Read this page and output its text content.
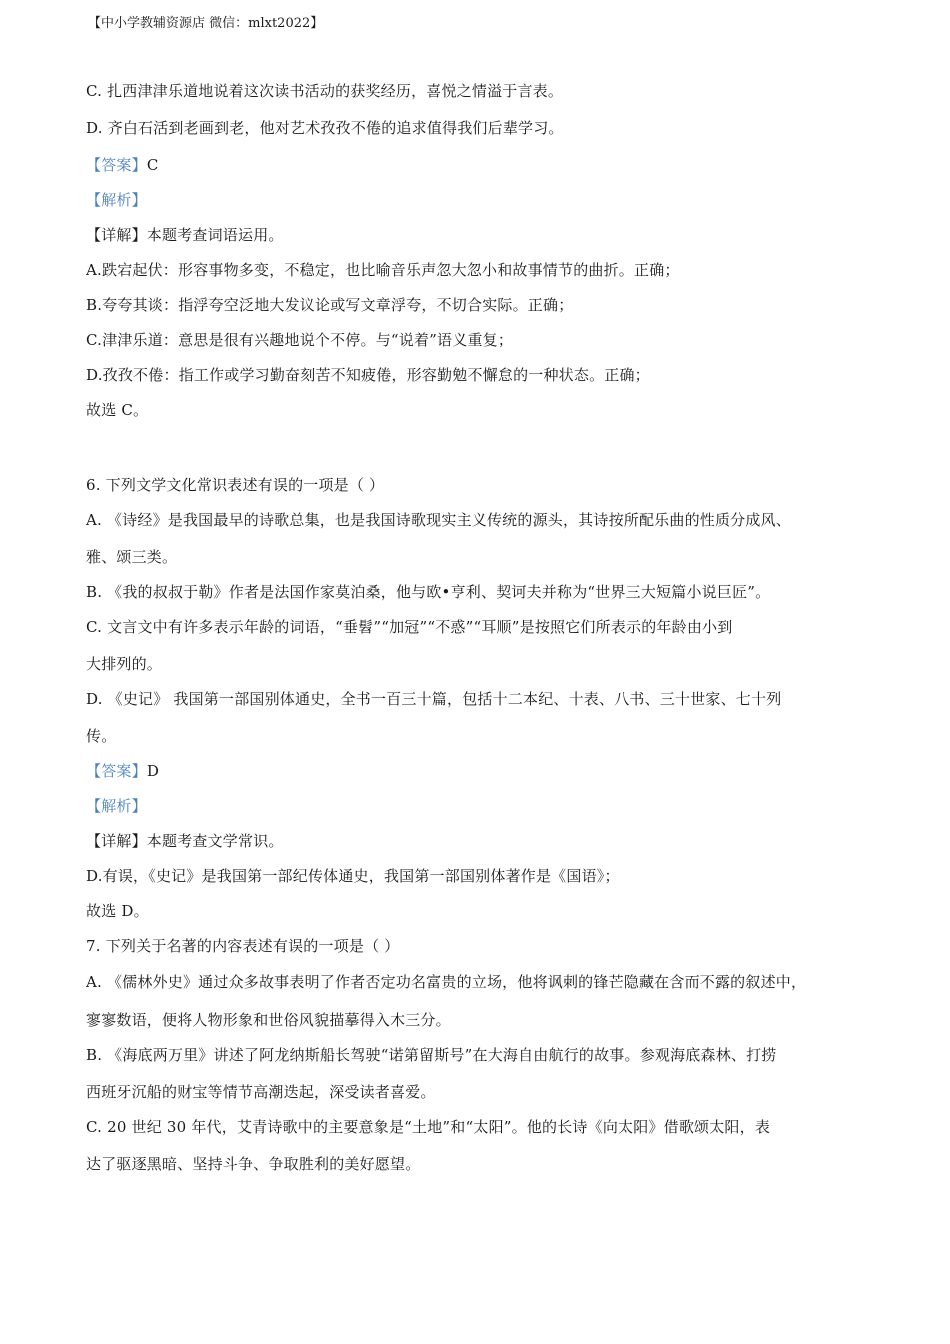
【中小学教辅资源店 微信：mlxt2022】
C. 扎西津津乐道地说着这次读书活动的获奖经历，喜悦之情溢于言表。
D. 齐白石活到老画到老，他对艺术孜孜不倦的追求值得我们后辈学习。
【答案】C
【解析】
【详解】本题考查词语运用。
A.跌宕起伏：形容事物多变，不稳定，也比喻音乐声忽大忽小和故事情节的曲折。正确；
B.夸夸其谈：指浮夸空泛地大发议论或写文章浮夸，不切合实际。正确；
C.津津乐道：意思是很有兴趣地说个不停。与“说着”语义重复；
D.孜孜不倦：指工作或学习勤奋刻苦不知疲倦，形容勤勉不懈怠的一种状态。正确；
故选 C。
6. 下列文学文化常识表述有误的一项是（ ）
A. 《诗经》是我国最早的诗歌总集，也是我国诗歌现实主义传统的源头，其诗按所配乐曲的性质分成风、
雅、颂三类。
B. 《我的叔叔于勒》作者是法国作家莫泊桑，他与欧•亨利、契诃夫并称为“世界三大短篇小说巨匠”。
C. 文言文中有许多表示年龄的词语，“垂髫”“加冠”“不惑”“耳顺”是按照它们所表示的年龄由小到
大排列的。
D. 《史记》 我国第一部国别体通史，全书一百三十篇，包括十二本纪、十表、八书、三十世家、七十列
传。
【答案】D
【解析】
【详解】本题考查文学常识。
D.有误，《史记》是我国第一部纪传体通史，我国第一部国别体著作是《国语》；
故选 D。
7. 下列关于名著的内容表述有误的一项是（ ）
A. 《儒林外史》通过众多故事表明了作者否定功名富贵的立场，他将讽刺的锋芒隐藏在含而不露的叙述中，
寥寥数语，便将人物形象和世俗风貌描摹得入木三分。
B. 《海底两万里》讲述了阿龙纳斯船长驾驶“诺第留斯号”在大海自由航行的故事。参观海底森林、打捞
西班牙沉船的财宝等情节高潮迭起，深受读者喜爱。
C. 20 世纪 30 年代，艾青诗歌中的主要意象是“土地”和“太阳”。他的长诗《向太阳》借歌颂太阳，表
达了驱逐黑暗、坚持斗争、争取胜利的美好愿望。
